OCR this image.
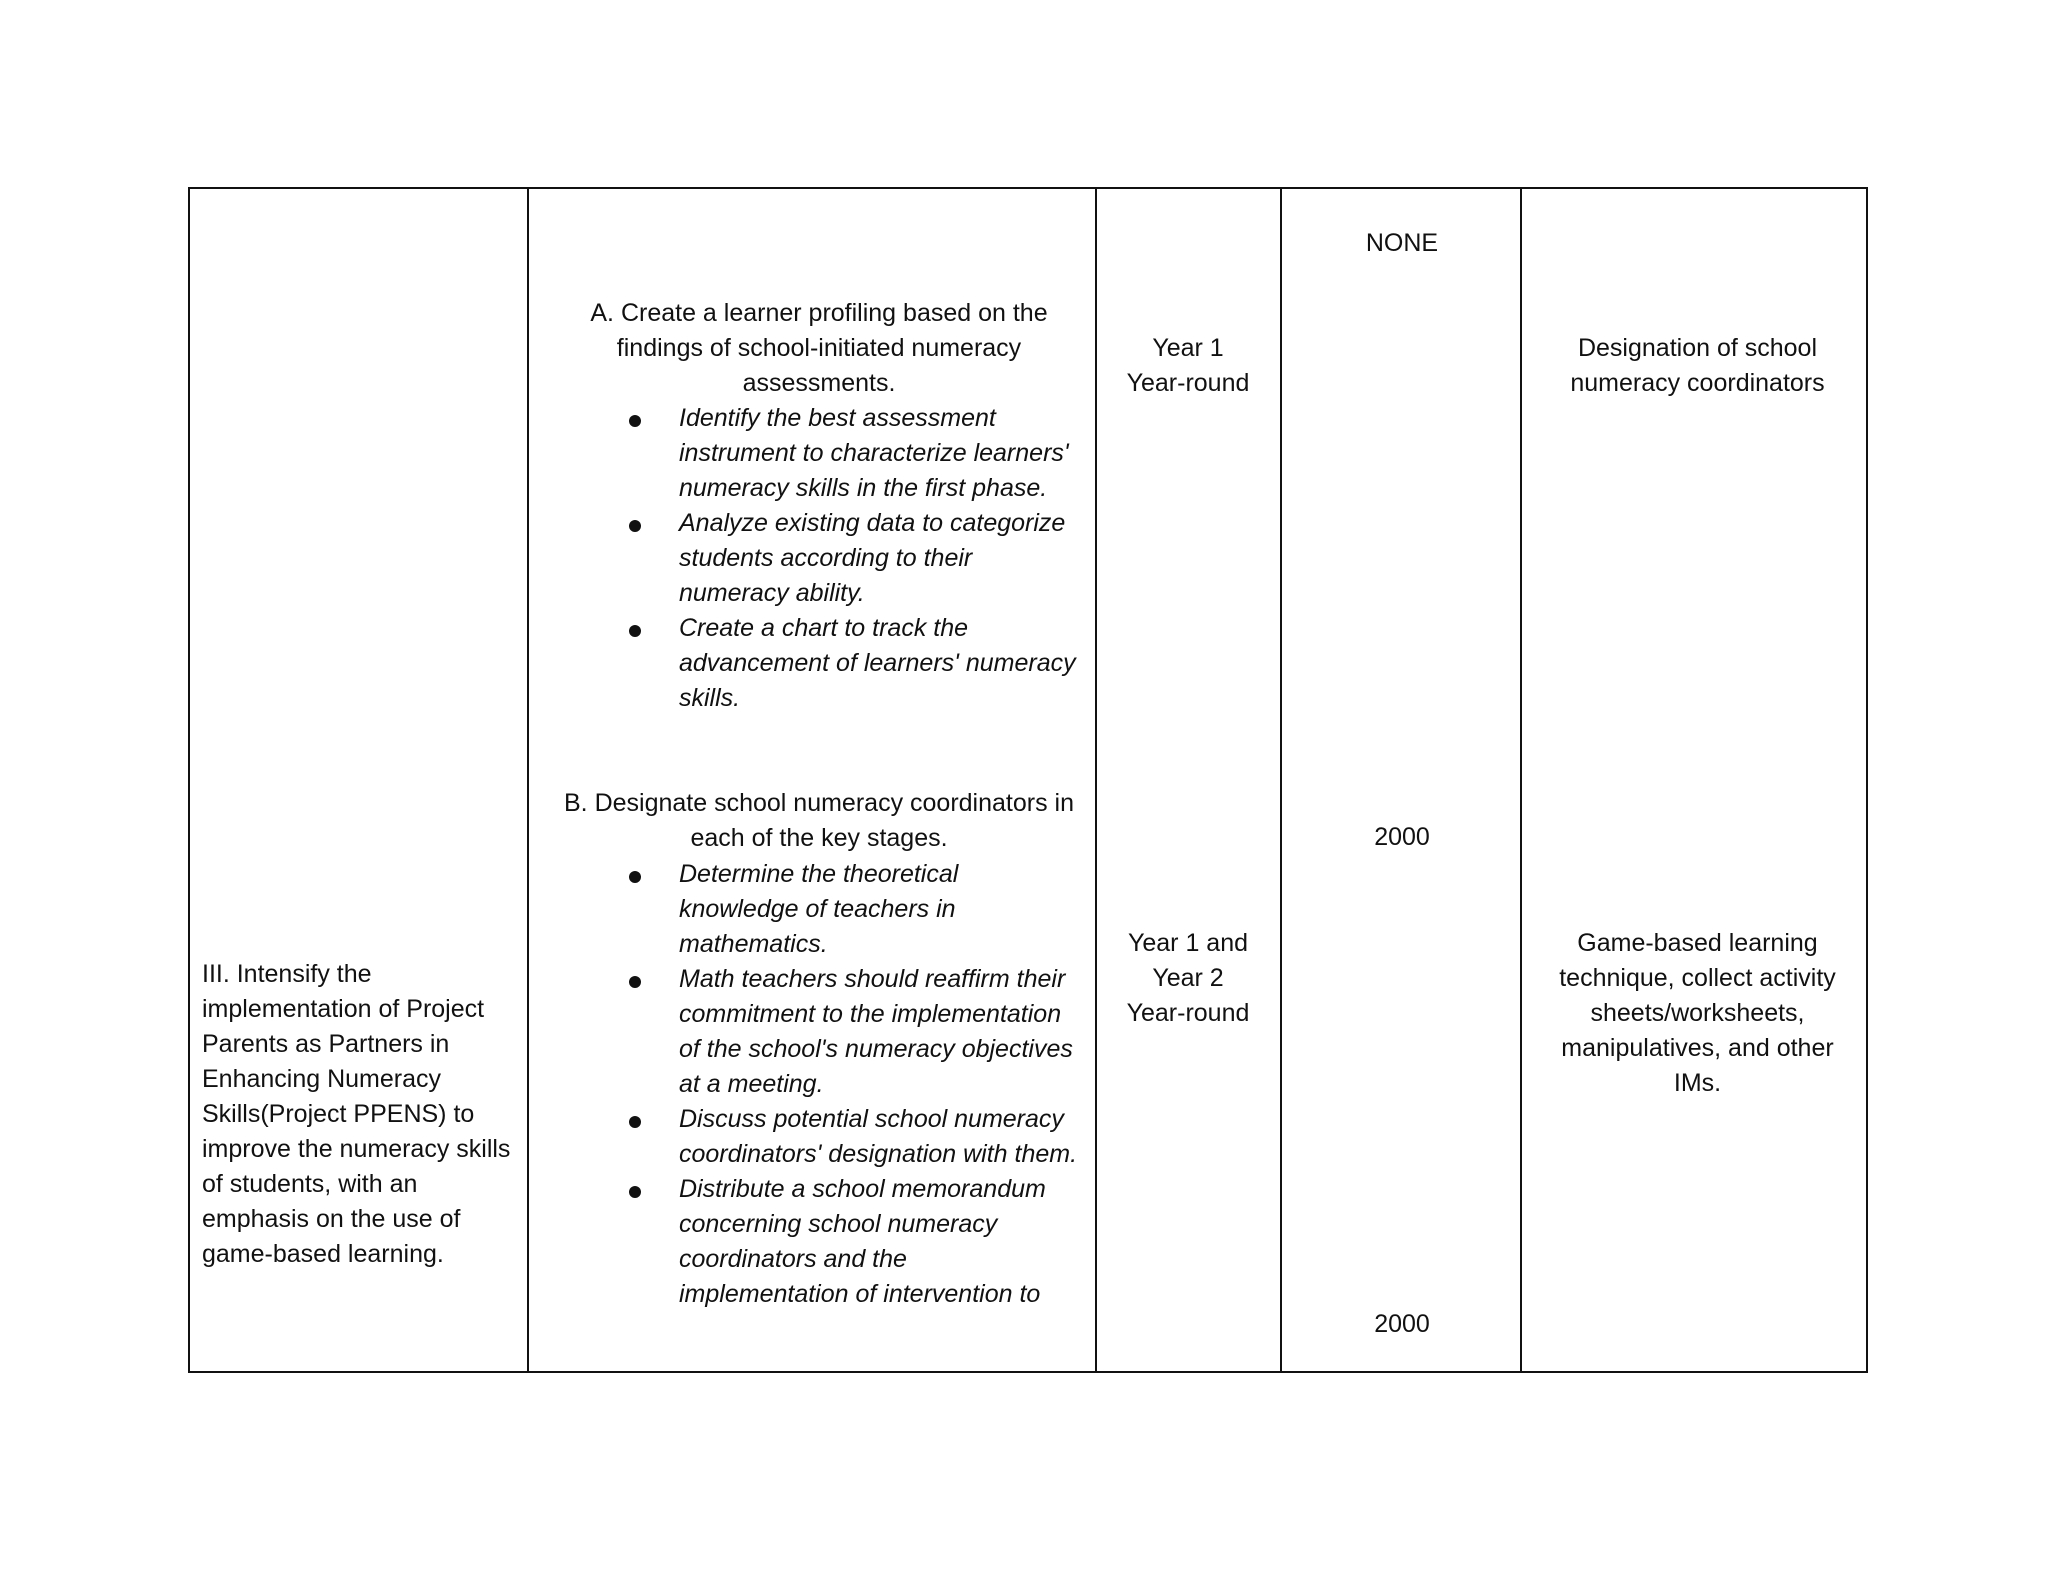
III. Intensify the implementation of Project Parents as Partners in Enhancing Numeracy Skills(Project PPENS) to improve the numeracy skills of students, with an emphasis on the use of game-based learning.
A. Create a learner profiling based on the findings of school-initiated numeracy assessments.
Identify the best assessment instrument to characterize learners' numeracy skills in the first phase.
Analyze existing data to categorize students according to their numeracy ability.
Create a chart to track the advancement of learners' numeracy skills.
B. Designate school numeracy coordinators in each of the key stages.
Determine the theoretical knowledge of teachers in mathematics.
Math teachers should reaffirm their commitment to the implementation of the school's numeracy objectives at a meeting.
Discuss potential school numeracy coordinators' designation with them.
Distribute a school memorandum concerning school numeracy coordinators and the implementation of intervention to
Year 1
Year-round
Year 1 and
Year 2
Year-round
NONE
2000
2000
Designation of school numeracy coordinators
Game-based learning technique, collect activity sheets/worksheets, manipulatives, and other IMs.
